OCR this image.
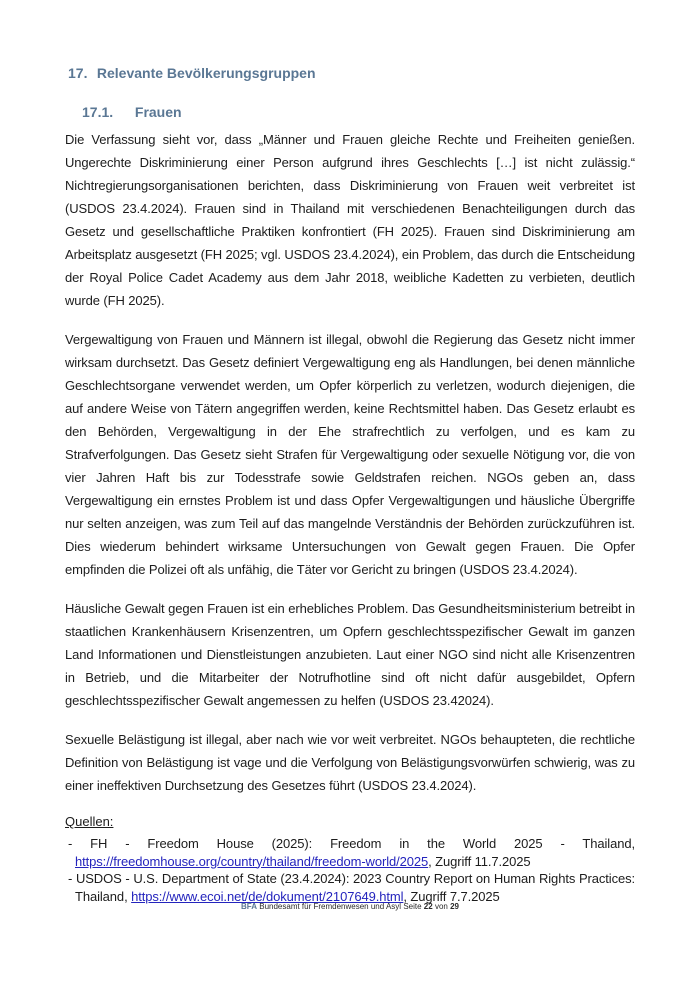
17. Relevante Bevölkerungsgruppen
17.1. Frauen

Die Verfassung sieht vor, dass „Männer und Frauen gleiche Rechte und Freiheiten genießen. Ungerechte Diskriminierung einer Person aufgrund ihres Geschlechts […] ist nicht zulässig.“ Nichtregierungsorganisationen berichten, dass Diskriminierung von Frauen weit verbreitet ist (USDOS 23.4.2024). Frauen sind in Thailand mit verschiedenen Benachteiligungen durch das Gesetz und gesellschaftliche Praktiken konfrontiert (FH 2025). Frauen sind Diskriminierung am Arbeitsplatz ausgesetzt (FH 2025; vgl. USDOS 23.4.2024), ein Problem, das durch die Entscheidung der Royal Police Cadet Academy aus dem Jahr 2018, weibliche Kadetten zu verbieten, deutlich wurde (FH 2025).

Vergewaltigung von Frauen und Männern ist illegal, obwohl die Regierung das Gesetz nicht immer wirksam durchsetzt. Das Gesetz definiert Vergewaltigung eng als Handlungen, bei denen männliche Geschlechtsorgane verwendet werden, um Opfer körperlich zu verletzen, wodurch diejenigen, die auf andere Weise von Tätern angegriffen werden, keine Rechtsmittel haben. Das Gesetz erlaubt es den Behörden, Vergewaltigung in der Ehe strafrechtlich zu verfolgen, und es kam zu Strafverfolgungen. Das Gesetz sieht Strafen für Vergewaltigung oder sexuelle Nötigung vor, die von vier Jahren Haft bis zur Todesstrafe sowie Geldstrafen reichen. NGOs geben an, dass Vergewaltigung ein ernstes Problem ist und dass Opfer Vergewaltigungen und häusliche Übergriffe nur selten anzeigen, was zum Teil auf das mangelnde Verständnis der Behörden zurückzuführen ist. Dies wiederum behindert wirksame Untersuchungen von Gewalt gegen Frauen. Die Opfer empfinden die Polizei oft als unfähig, die Täter vor Gericht zu bringen (USDOS 23.4.2024).

Häusliche Gewalt gegen Frauen ist ein erhebliches Problem. Das Gesundheitsministerium betreibt in staatlichen Krankenhäusern Krisenzentren, um Opfern geschlechtsspezifischer Gewalt im ganzen Land Informationen und Dienstleistungen anzubieten. Laut einer NGO sind nicht alle Krisenzentren in Betrieb, und die Mitarbeiter der Notrufhotline sind oft nicht dafür ausgebildet, Opfern geschlechtsspezifischer Gewalt angemessen zu helfen (USDOS 23.42024).

Sexuelle Belästigung ist illegal, aber nach wie vor weit verbreitet. NGOs behaupteten, die rechtliche Definition von Belästigung ist vage und die Verfolgung von Belästigungsvorwürfen schwierig, was zu einer ineffektiven Durchsetzung des Gesetzes führt (USDOS 23.4.2024).

Quellen:
- FH - Freedom House (2025): Freedom in the World 2025 - Thailand, https://freedomhouse.org/country/thailand/freedom-world/2025, Zugriff 11.7.2025
- USDOS - U.S. Department of State (23.4.2024): 2023 Country Report on Human Rights Practices: Thailand, https://www.ecoi.net/de/dokument/2107649.html, Zugriff 7.7.2025
BFA Bundesamt für Fremdenwesen und Asyl Seite 22 von 29
